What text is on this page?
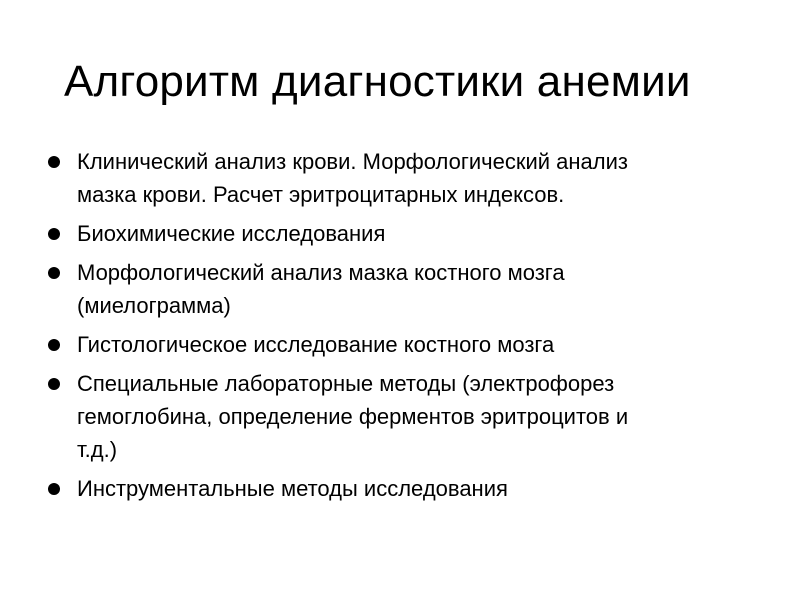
Алгоритм диагностики анемии
Клинический анализ крови. Морфологический анализ
мазка крови. Расчет эритроцитарных индексов.
Биохимические исследования
Морфологический анализ мазка костного мозга
(миелограмма)
Гистологическое исследование костного мозга
Специальные лабораторные методы (электрофорез
гемоглобина, определение ферментов эритроцитов и
т.д.)
Инструментальные методы исследования
